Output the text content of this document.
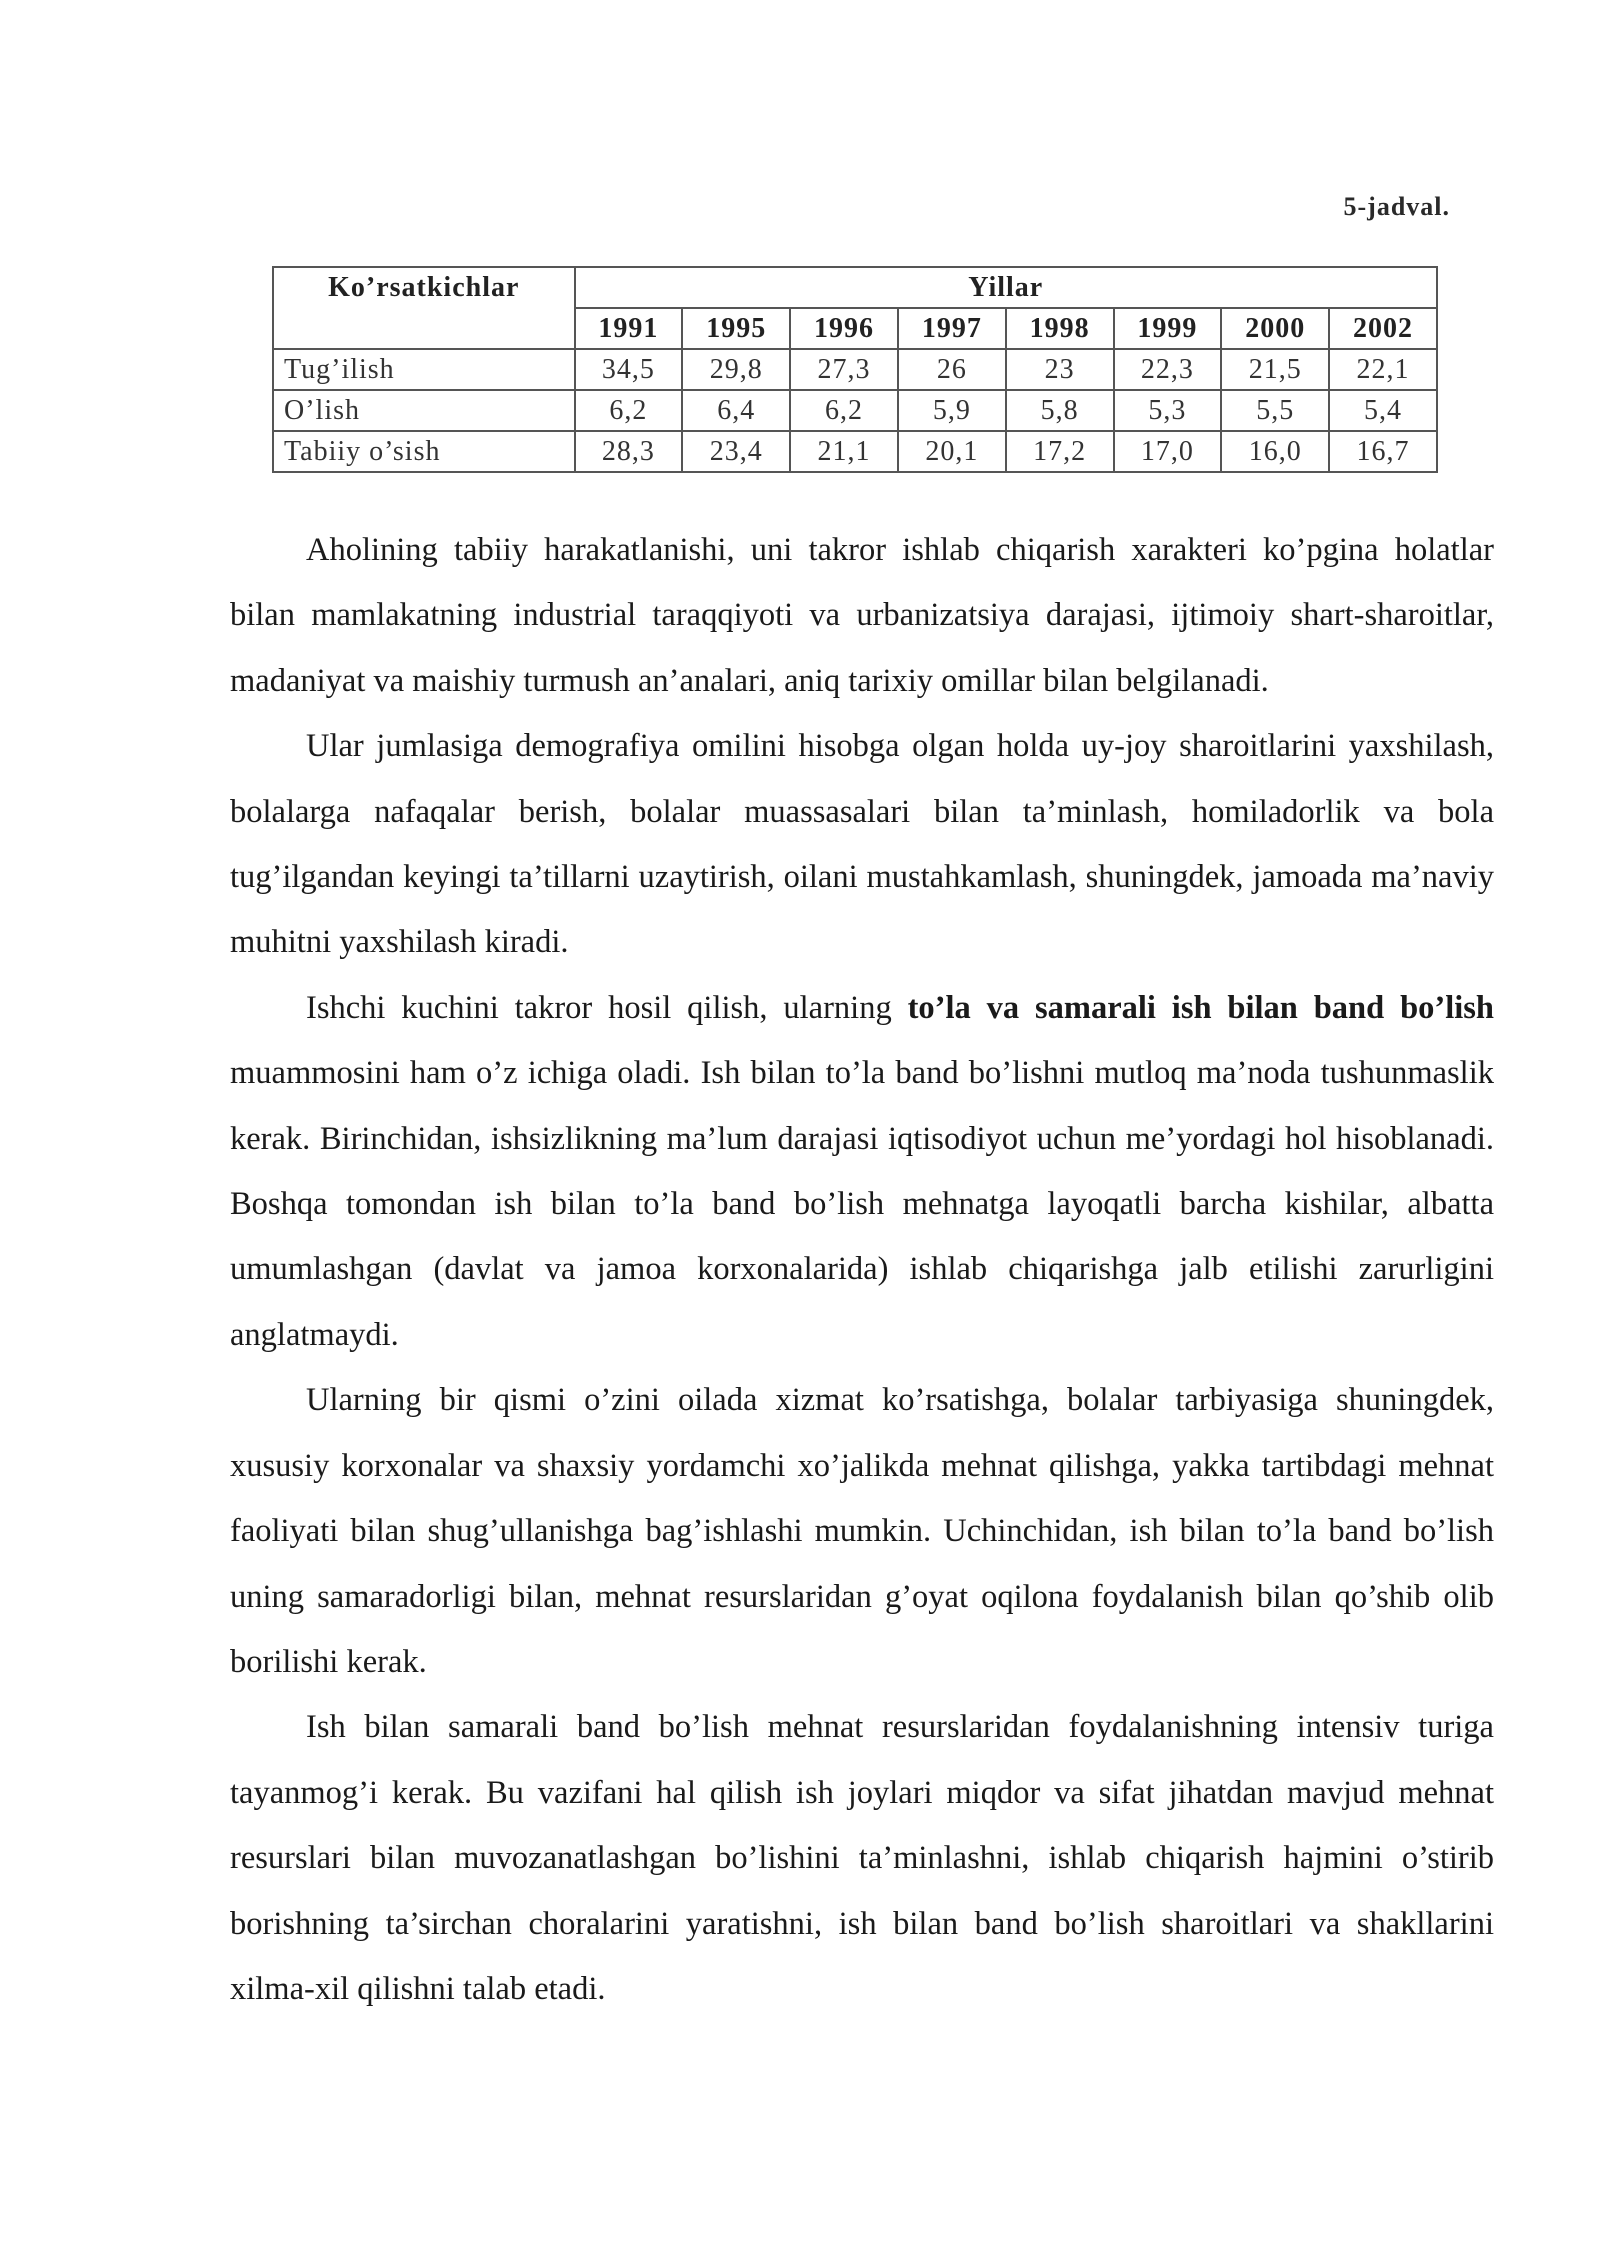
5-jadval.
Ko’rsatkichlar	Yillar							
	1991	1995	1996	1997	1998	1999	2000	2002
Tug’ilish	34,5	29,8	27,3	26	23	22,3	21,5	22,1
O’lish	6,2	6,4	6,2	5,9	5,8	5,3	5,5	5,4
Tabiiy o’sish	28,3	23,4	21,1	20,1	17,2	17,0	16,0	16,7

Aholining tabiiy harakatlanishi, uni takror ishlab chiqarish xarakteri ko’pgina holatlar bilan mamlakatning industrial taraqqiyoti va urbanizatsiya darajasi, ijtimoiy shart-sharoitlar, madaniyat va maishiy turmush an’analari, aniq tarixiy omillar bilan belgilanadi.

Ular jumlasiga demografiya omilini hisobga olgan holda uy-joy sharoitlarini yaxshilash, bolalarga nafaqalar berish, bolalar muassasalari bilan ta’minlash, homiladorlik va bola tug’ilgandan keyingi ta’tillarni uzaytirish, oilani mustahkamlash, shuningdek, jamoada ma’naviy muhitni yaxshilash kiradi.

Ishchi kuchini takror hosil qilish, ularning to’la va samarali ish bilan band bo’lish muammosini ham o’z ichiga oladi. Ish bilan to’la band bo’lishni mutloq ma’noda tushunmaslik kerak. Birinchidan, ishsizlikning ma’lum darajasi iqtisodiyot uchun me’yordagi hol hisoblanadi. Boshqa tomondan ish bilan to’la band bo’lish mehnatga layoqatli barcha kishilar, albatta umumlashgan (davlat va jamoa korxonalarida) ishlab chiqarishga jalb etilishi zarurligini anglatmaydi.

Ularning bir qismi o’zini oilada xizmat ko’rsatishga, bolalar tarbiyasiga shuningdek, xususiy korxonalar va shaxsiy yordamchi xo’jalikda mehnat qilishga, yakka tartibdagi mehnat faoliyati bilan shug’ullanishga bag’ishlashi mumkin. Uchinchidan, ish bilan to’la band bo’lish uning samaradorligi bilan, mehnat resurslaridan g’oyat oqilona foydalanish bilan qo’shib olib borilishi kerak.

Ish bilan samarali band bo’lish mehnat resurslaridan foydalanishning intensiv turiga tayanmog’i kerak. Bu vazifani hal qilish ish joylari miqdor va sifat jihatdan mavjud mehnat resurslari bilan muvozanatlashgan bo’lishini ta’minlashni, ishlab chiqarish hajmini o’stirib borishning ta’sirchan choralarini yaratishni, ish bilan band bo’lish sharoitlari va shakllarini xilma-xil qilishni talab etadi.
